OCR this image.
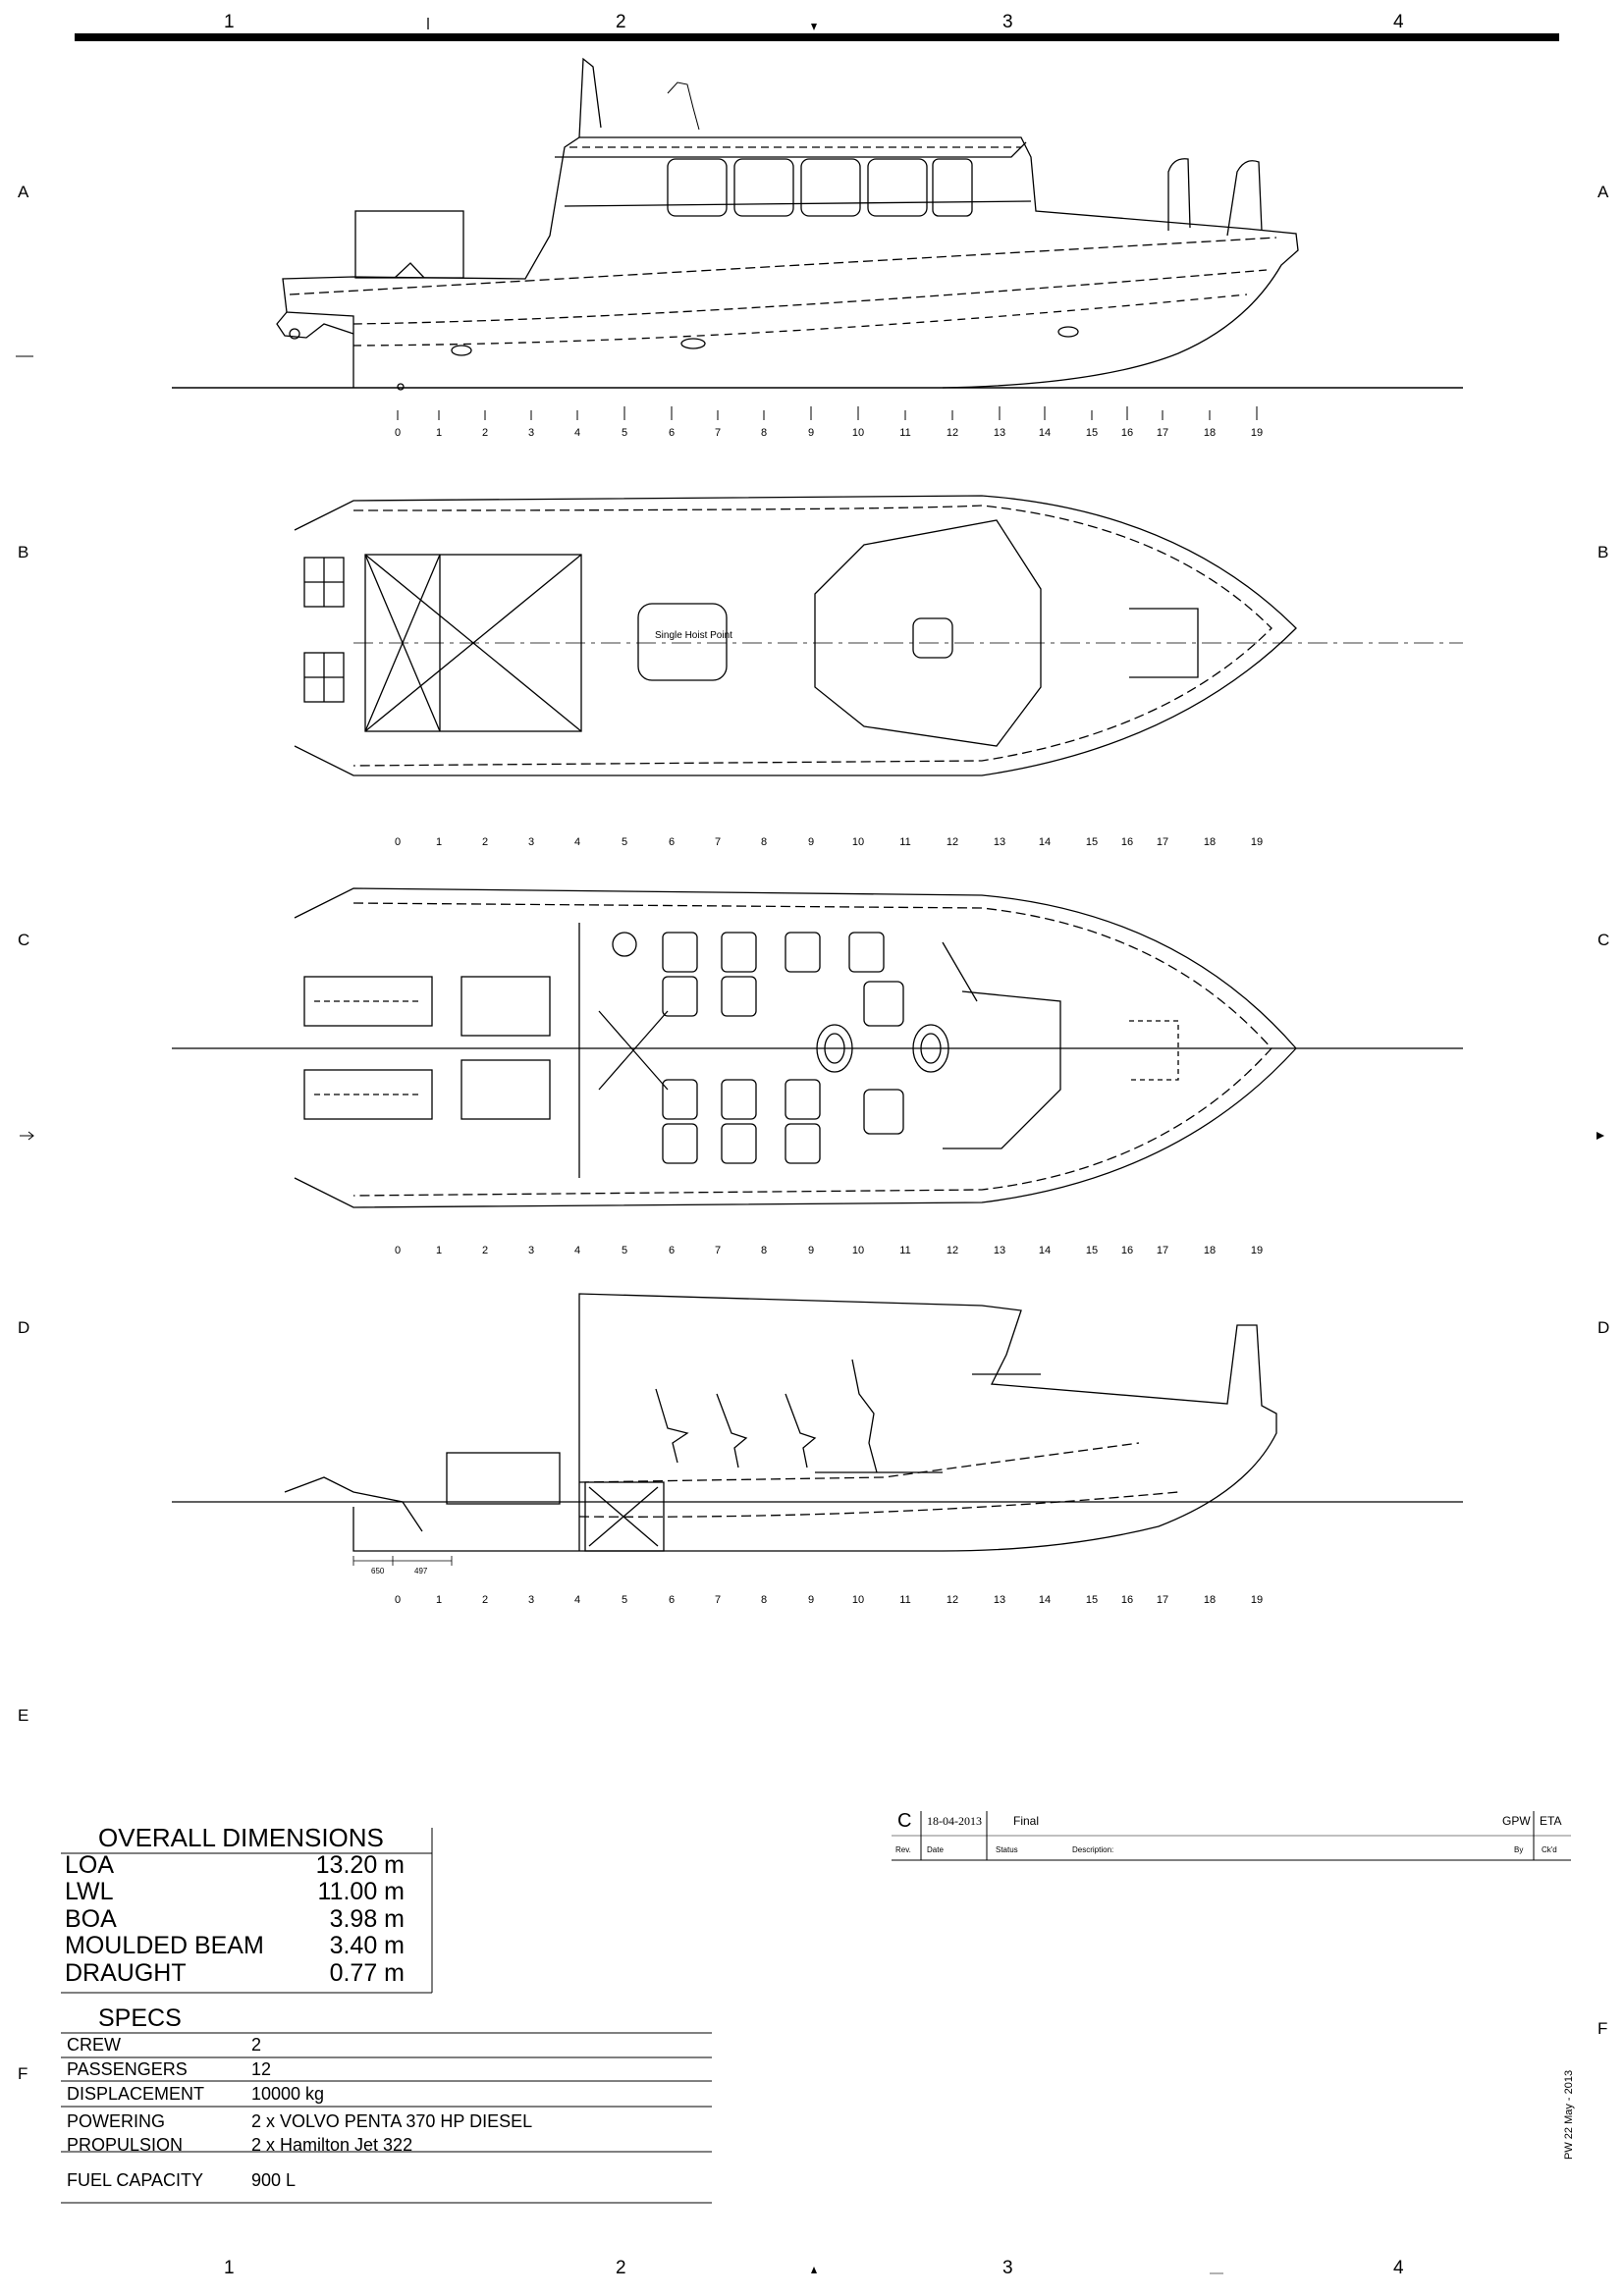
0	1	2	3	4	5	6	7	8	9	10	11	12	13	14	15 16 17	18	19
0	1	2	3	4	5	6	7	8	9	10	11	12	13	14	15 16 17	18	19
0	1	2	3	4	5	6	7	8	9	10	11	12	13	14	15 16 17	18	19
0	1	2	3	4	5	6	7	8	9	10	11	12	13	14	15 16 17	18	19
Single Hoist Point
650	497
1	2	3	4
1	2	3	4
A
B
C
D
E
F
A
B
C
D
F
PW 22 May - 2013
OVERALL DIMENSIONS
LOA	13.20 m
LWL	11.00 m
BOA	3.98 m
MOULDED BEAM	3.40 m
DRAUGHT	0.77 m
SPECS
CREW	2
PASSENGERS	12
DISPLACEMENT	10000 kg
POWERING	2 x VOLVO PENTA 370 HP DIESEL
PROPULSION	2 x Hamilton Jet 322
FUEL CAPACITY	900 L
C 18-04-2013	Final	GPW ETA
Rev. Date	Status	Description:	By Ck'd
